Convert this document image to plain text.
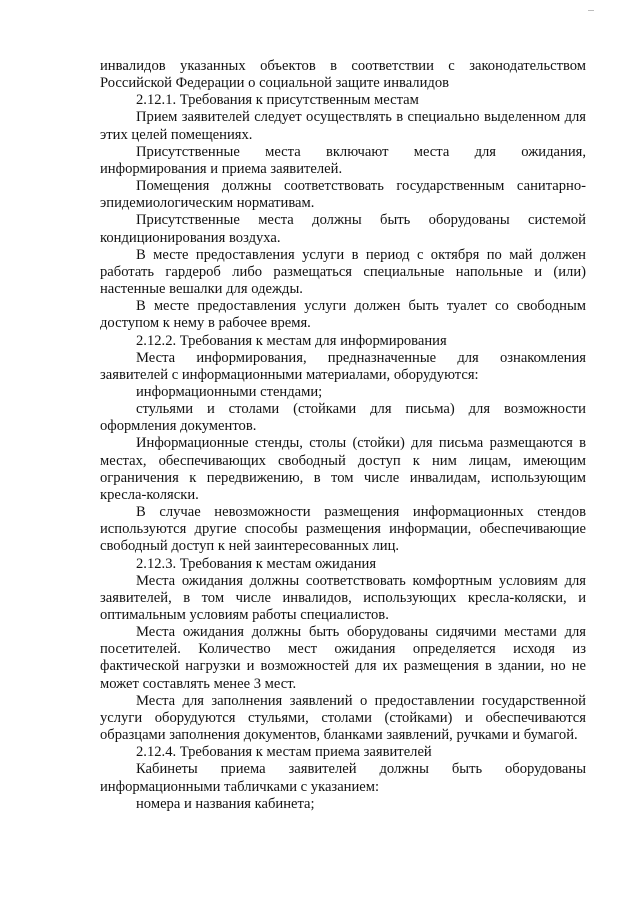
инвалидов указанных объектов в соответствии с законодательством Российской Федерации о социальной защите инвалидов

2.12.1. Требования к присутственным местам

Прием заявителей следует осуществлять в специально выделенном для этих целей помещениях.

Присутственные места включают места для ожидания, информирования и приема заявителей.

Помещения должны соответствовать государственным санитарно-эпидемиологическим нормативам.

Присутственные места должны быть оборудованы системой кондиционирования воздуха.

В месте предоставления услуги в период с октября по май должен работать гардероб либо размещаться специальные напольные и (или) настенные вешалки для одежды.

В месте предоставления услуги должен быть туалет со свободным доступом к нему в рабочее время.

2.12.2. Требования к местам для информирования

Места информирования, предназначенные для ознакомления заявителей с информационными материалами, оборудуются:

информационными стендами;

стульями и столами (стойками для письма) для возможности оформления документов.

Информационные стенды, столы (стойки) для письма размещаются в местах, обеспечивающих свободный доступ к ним лицам, имеющим ограничения к передвижению, в том числе инвалидам, использующим кресла-коляски.

В случае невозможности размещения информационных стендов используются другие способы размещения информации, обеспечивающие свободный доступ к ней заинтересованных лиц.

2.12.3. Требования к местам ожидания

Места ожидания должны соответствовать комфортным условиям для заявителей, в том числе инвалидов, использующих кресла-коляски, и оптимальным условиям работы специалистов.

Места ожидания должны быть оборудованы сидячими местами для посетителей. Количество мест ожидания определяется исходя из фактической нагрузки и возможностей для их размещения в здании, но не может составлять менее 3 мест.

Места для заполнения заявлений о предоставлении государственной услуги оборудуются стульями, столами (стойками) и обеспечиваются образцами заполнения документов, бланками заявлений, ручками и бумагой.

2.12.4. Требования к местам приема заявителей

Кабинеты приема заявителей должны быть оборудованы информационными табличками с указанием:

номера и названия кабинета;
